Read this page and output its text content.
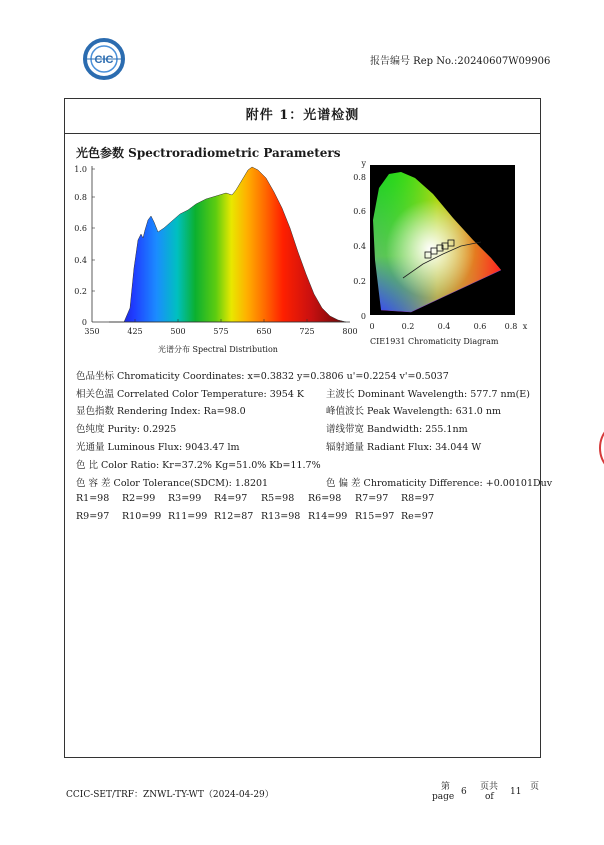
CIC	报告编号 Rep No.:20240607W09906
附件 1：光谱检测
光色参数 Spectroradiometric Parameters
0
0.2
0.4
0.6
0.8
1.0
350	425	500	575	650	725	800
光谱分布 Spectral Distribution
y
0
0.2
0.4
0.6
0.8
0	0.2	0.4	0.6 0.8 x
CIE1931 Chromaticity Diagram
色品坐标 Chromaticity Coordinates: x=0.3832 y=0.3806 u'=0.2254 v'=0.5037
相关色温 Correlated Color Temperature: 3954 K 主波长 Dominant Wavelength: 577.7 nm(E)
显色指数 Rendering Index: Ra=98.0	峰值波长 Peak Wavelength: 631.0 nm
色纯度 Purity: 0.2925	谱线带宽 Bandwidth: 255.1nm
光通量 Luminous Flux: 9043.47 lm	辐射通量 Radiant Flux: 34.044 W
色 比 Color Ratio: Kr=37.2% Kg=51.0% Kb=11.7%
色 容 差 Color Tolerance(SDCM): 1.8201	色 偏 差 Chromaticity Difference: +0.00101Duv
R1=98 R2=99 R3=99 R4=97 R5=98 R6=98 R7=97 R8=97
R9=97 R10=99 R11=99 R12=87 R13=98 R14=99 R15=97 Re=97
CCIC-SET/TRF：ZNWL-TY-WT（2024-04-29）
第
page 6 页共
of 11 页
